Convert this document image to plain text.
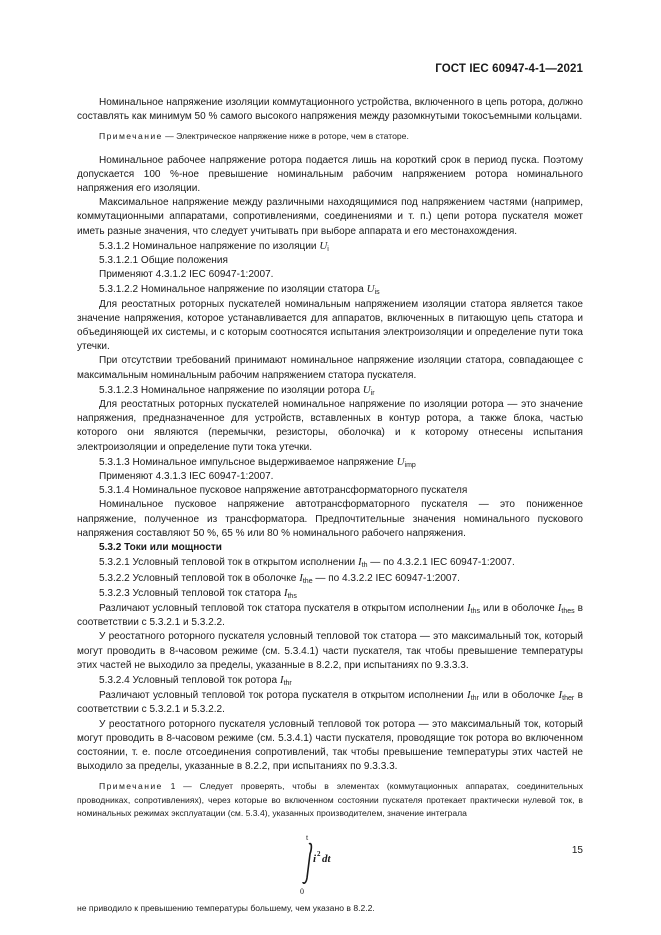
ГОСТ IEC 60947-4-1—2021

Номинальное напряжение изоляции коммутационного устройства, включенного в цепь ротора, должно составлять как минимум 50 % самого высокого напряжения между разомкнутыми токосъемными кольцами.

Примечание — Электрическое напряжение ниже в роторе, чем в статоре.

Номинальное рабочее напряжение ротора подается лишь на короткий срок в период пуска. Поэтому допускается 100 %-ное превышение номинальным рабочим напряжением ротора номинального напряжения его изоляции.

Максимальное напряжение между различными находящимися под напряжением частями (например, коммутационными аппаратами, сопротивлениями, соединениями и т. п.) цепи ротора пускателя может иметь разные значения, что следует учитывать при выборе аппарата и его местонахождения.

5.3.1.2 Номинальное напряжение по изоляции $U_i$

5.3.1.2.1 Общие положения

Применяют 4.3.1.2 IEC 60947-1:2007.

5.3.1.2.2 Номинальное напряжение по изоляции статора $U_{is}$

Для реостатных роторных пускателей номинальным напряжением изоляции статора является такое значение напряжения, которое устанавливается для аппаратов, включенных в питающую цепь статора и объединяющей их системы, и с которым соотносятся испытания электроизоляции и определение пути тока утечки.

При отсутствии требований принимают номинальное напряжение изоляции статора, совпадающее с максимальным номинальным рабочим напряжением статора пускателя.

5.3.1.2.3 Номинальное напряжение по изоляции ротора $U_{ir}$

Для реостатных роторных пускателей номинальное напряжение по изоляции ротора — это значение напряжения, предназначенное для устройств, вставленных в контур ротора, а также блока, частью которого они являются (перемычки, резисторы, оболочка) и к которому отнесены испытания электроизоляции и определение пути тока утечки.

5.3.1.3 Номинальное импульсное выдерживаемое напряжение $U_{imp}$

Применяют 4.3.1.3 IEC 60947-1:2007.

5.3.1.4 Номинальное пусковое напряжение автотрансформаторного пускателя

Номинальное пусковое напряжение автотрансформаторного пускателя — это пониженное напряжение, полученное из трансформатора. Предпочтительные значения номинального пускового напряжения составляют 50 %, 65 % или 80 % номинального рабочего напряжения.

5.3.2 Токи или мощности

5.3.2.1 Условный тепловой ток в открытом исполнении $I_{th}$ — по 4.3.2.1 IEC 60947-1:2007.

5.3.2.2 Условный тепловой ток в оболочке $I_{the}$ — по 4.3.2.2 IEC 60947-1:2007.

5.3.2.3 Условный тепловой ток статора $I_{ths}$

Различают условный тепловой ток статора пускателя в открытом исполнении $I_{ths}$ или в оболочке $I_{thes}$ в соответствии с 5.3.2.1 и 5.3.2.2.

У реостатного роторного пускателя условный тепловой ток статора — это максимальный ток, который могут проводить в 8-часовом режиме (см. 5.3.4.1) части пускателя, так чтобы превышение температуры этих частей не выходило за пределы, указанные в 8.2.2, при испытаниях по 9.3.3.3.

5.3.2.4 Условный тепловой ток ротора $I_{thr}$

Различают условный тепловой ток ротора пускателя в открытом исполнении $I_{thr}$ или в оболочке $I_{ther}$ в соответствии с 5.3.2.1 и 5.3.2.2.

У реостатного роторного пускателя условный тепловой ток ротора — это максимальный ток, который могут проводить в 8-часовом режиме (см. 5.3.4.1) части пускателя, проводящие ток ротора во включенном состоянии, т. е. после отсоединения сопротивлений, так чтобы превышение температуры этих частей не выходило за пределы, указанные в 8.2.2, при испытаниях по 9.3.3.3.

Примечание 1 — Следует проверять, чтобы в элементах (коммутационных аппаратах, соединительных проводниках, сопротивлениях), через которые во включенном состоянии пускателя протекает практически нулевой ток, в номинальных режимах эксплуатации (см. 5.3.4), указанных производителем, значение интеграла

t
i 2 dt
0

не приводило к превышению температуры большему, чем указано в 8.2.2.

15
